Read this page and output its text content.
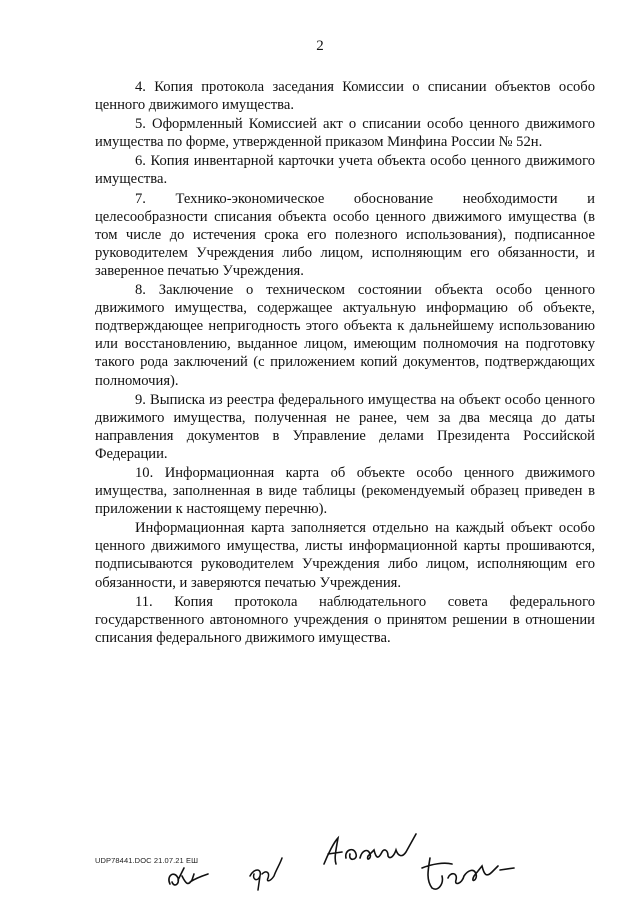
2

4. Копия протокола заседания Комиссии о списании объектов особо ценного движимого имущества.

5. Оформленный Комиссией акт о списании особо ценного движимого имущества по форме, утвержденной приказом Минфина России № 52н.

6. Копия инвентарной карточки учета объекта особо ценного движимого имущества.

7. Технико-экономическое обоснование необходимости и целесообразности списания объекта особо ценного движимого имущества (в том числе до истечения срока его полезного использования), подписанное руководителем Учреждения либо лицом, исполняющим его обязанности, и заверенное печатью Учреждения.

8. Заключение о техническом состоянии объекта особо ценного движимого имущества, содержащее актуальную информацию об объекте, подтверждающее непригодность этого объекта к дальнейшему использованию или восстановлению, выданное лицом, имеющим полномочия на подготовку такого рода заключений (с приложением копий документов, подтверждающих полномочия).

9. Выписка из реестра федерального имущества на объект особо ценного движимого имущества, полученная не ранее, чем за два месяца до даты направления документов в Управление делами Президента Российской Федерации.

10. Информационная карта об объекте особо ценного движимого имущества, заполненная в виде таблицы (рекомендуемый образец приведен в приложении к настоящему перечню).

Информационная карта заполняется отдельно на каждый объект особо ценного движимого имущества, листы информационной карты прошиваются, подписываются руководителем Учреждения либо лицом, исполняющим его обязанности, и заверяются печатью Учреждения.

11. Копия протокола наблюдательного совета федерального государственного автономного учреждения о принятом решении в отношении списания федерального движимого имущества.

UDP78441.DOC 21.07.21 ЕШ
